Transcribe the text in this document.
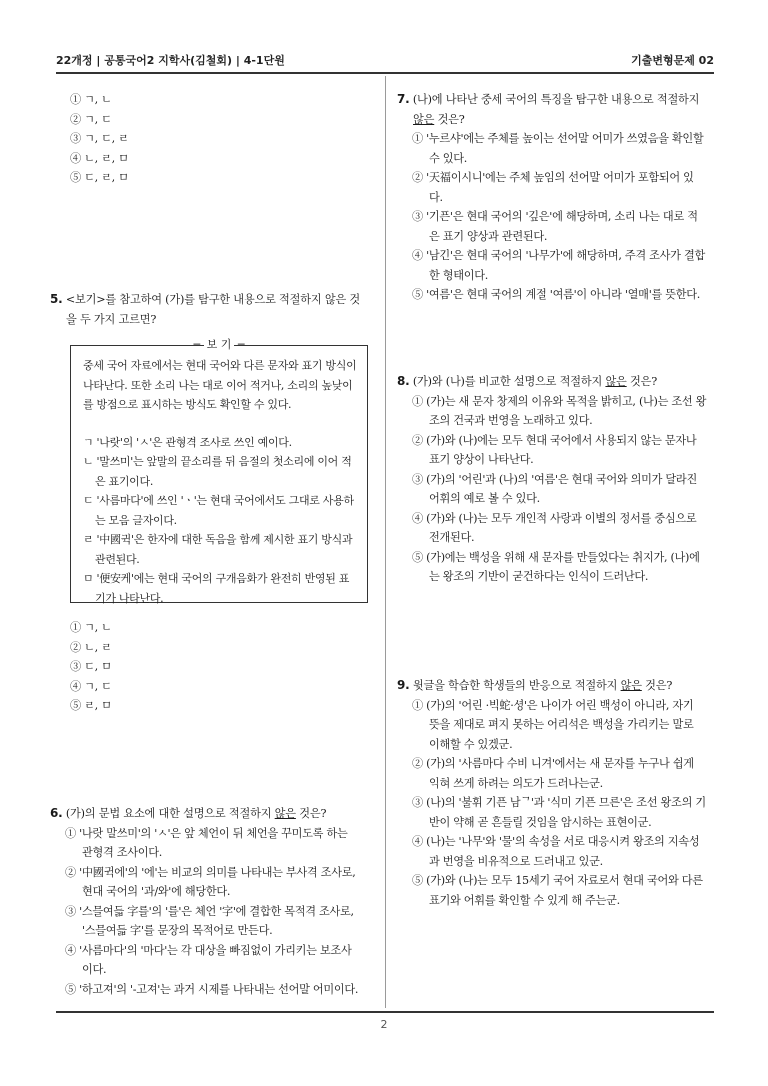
22개정 | 공통국어2 지학사(김철회) | 4-1단원	기출변형문제 02
① ㄱ, ㄴ
② ㄱ, ㄷ
③ ㄱ, ㄷ, ㄹ
④ ㄴ, ㄹ, ㅁ
⑤ ㄷ, ㄹ, ㅁ
5. <보기>를 참고하여 (가)를 탐구한 내용으로 적절하지 않은 것을 두 가지 고르면?
─ 보 기 ─
중세 국어 자료에서는 현대 국어와 다른 문자와 표기 방식이 나타난다. 또한 소리 나는 대로 이어 적거나, 소리의 높낮이를 방점으로 표시하는 방식도 확인할 수 있다.
ㄱ '나랏'의 'ㅅ'은 관형격 조사로 쓰인 예이다.
ㄴ '말쓰미'는 앞말의 끝소리를 뒤 음절의 첫소리에 이어 적은 표기이다.
ㄷ '사름마다'에 쓰인 'ㆍ'는 현대 국어에서도 그대로 사용하는 모음 글자이다.
ㄹ '中國귁'은 한자에 대한 독음을 함께 제시한 표기 방식과 관련된다.
ㅁ '便安케'에는 현대 국어의 구개음화가 완전히 반영된 표기가 나타난다.
① ㄱ, ㄴ
② ㄴ, ㄹ
③ ㄷ, ㅁ
④ ㄱ, ㄷ
⑤ ㄹ, ㅁ
6. (가)의 문법 요소에 대한 설명으로 적절하지 않은 것은?
① '나랏 말쓰미'의 'ㅅ'은 앞 체언이 뒤 체언을 꾸미도록 하는 관형격 조사이다.
② '中國귁에'의 '에'는 비교의 의미를 나타내는 부사격 조사로, 현대 국어의 '과/와'에 해당한다.
③ '스믈여듧 字를'의 '를'은 체언 '字'에 결합한 목적격 조사로, '스믈여듧 字'를 문장의 목적어로 만든다.
④ '사름마다'의 '마다'는 각 대상을 빠짐없이 가리키는 보조사이다.
⑤ '하고져'의 '-고져'는 과거 시제를 나타내는 선어말 어미이다.
7. (나)에 나타난 중세 국어의 특징을 탐구한 내용으로 적절하지 않은 것은?
① '누르샤'에는 주체를 높이는 선어말 어미가 쓰였음을 확인할 수 있다.
② '天福이시니'에는 주체 높임의 선어말 어미가 포함되어 있다.
③ '기픈'은 현대 국어의 '깊은'에 해당하며, 소리 나는 대로 적은 표기 양상과 관련된다.
④ '남긴'은 현대 국어의 '나무가'에 해당하며, 주격 조사가 결합한 형태이다.
⑤ '여름'은 현대 국어의 계절 '여름'이 아니라 '열매'를 뜻한다.
8. (가)와 (나)를 비교한 설명으로 적절하지 않은 것은?
① (가)는 새 문자 창제의 이유와 목적을 밝히고, (나)는 조선 왕조의 건국과 번영을 노래하고 있다.
② (가)와 (나)에는 모두 현대 국어에서 사용되지 않는 문자나 표기 양상이 나타난다.
③ (가)의 '어린'과 (나)의 '여름'은 현대 국어와 의미가 달라진 어휘의 예로 볼 수 있다.
④ (가)와 (나)는 모두 개인적 사랑과 이별의 정서를 중심으로 전개된다.
⑤ (가)에는 백성을 위해 새 문자를 만들었다는 취지가, (나)에는 왕조의 기반이 굳건하다는 인식이 드러난다.
9. 윗글을 학습한 학생들의 반응으로 적절하지 않은 것은?
① (가)의 '어린 ·빅蛇·셩'은 나이가 어린 백성이 아니라, 자기 뜻을 제대로 펴지 못하는 어리석은 백성을 가리키는 말로 이해할 수 있겠군.
② (가)의 '사름마다 수비 니겨'에서는 새 문자를 누구나 쉽게 익혀 쓰게 하려는 의도가 드러나는군.
③ (나)의 '불휘 기픈 남ᄀ'과 '식미 기픈 므른'은 조선 왕조의 기반이 약해 곧 흔들릴 것임을 암시하는 표현이군.
④ (나)는 '나무'와 '물'의 속성을 서로 대응시켜 왕조의 지속성과 번영을 비유적으로 드러내고 있군.
⑤ (가)와 (나)는 모두 15세기 국어 자료로서 현대 국어와 다른 표기와 어휘를 확인할 수 있게 해 주는군.
2
